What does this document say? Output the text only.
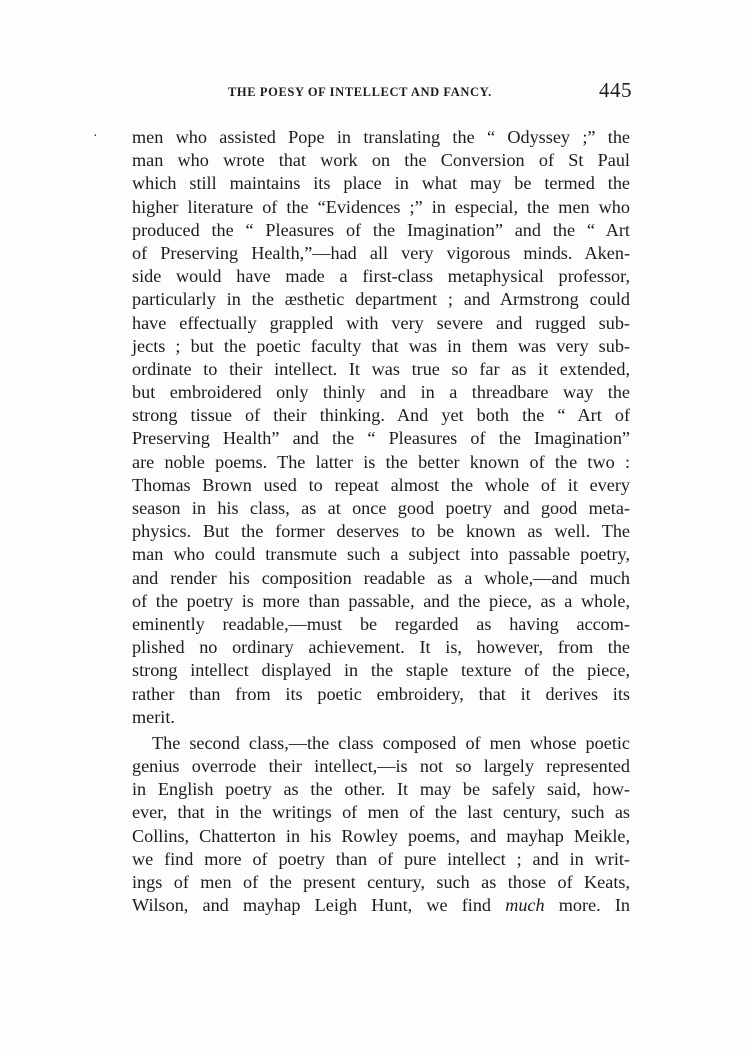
THE POESY OF INTELLECT AND FANCY.	445
· men who assisted Pope in translating the “ Odyssey ;” the
man who wrote that work on the Conversion of St Paul
which still maintains its place in what may be termed the
higher literature of the “Evidences ;” in especial, the men who
produced the “ Pleasures of the Imagination” and the “ Art
of Preserving Health,”—had all very vigorous minds. Aken-
side would have made a first-class metaphysical professor,
particularly in the æsthetic department ; and Armstrong could
have effectually grappled with very severe and rugged sub-
jects ; but the poetic faculty that was in them was very sub-
ordinate to their intellect. It was true so far as it extended,
but embroidered only thinly and in a threadbare way the
strong tissue of their thinking. And yet both the “ Art of
Preserving Health” and the “ Pleasures of the Imagination”
are noble poems. The latter is the better known of the two :
Thomas Brown used to repeat almost the whole of it every
season in his class, as at once good poetry and good meta-
physics. But the former deserves to be known as well. The
man who could transmute such a subject into passable poetry,
and render his composition readable as a whole,—and much
of the poetry is more than passable, and the piece, as a whole,
eminently readable,—must be regarded as having accom-
plished no ordinary achievement. It is, however, from the
strong intellect displayed in the staple texture of the piece,
rather than from its poetic embroidery, that it derives its
merit.
The second class,—the class composed of men whose poetic
genius overrode their intellect,—is not so largely represented
in English poetry as the other. It may be safely said, how-
ever, that in the writings of men of the last century, such as
Collins, Chatterton in his Rowley poems, and mayhap Meikle,
we find more of poetry than of pure intellect ; and in writ-
ings of men of the present century, such as those of Keats,
Wilson, and mayhap Leigh Hunt, we find much more. In
